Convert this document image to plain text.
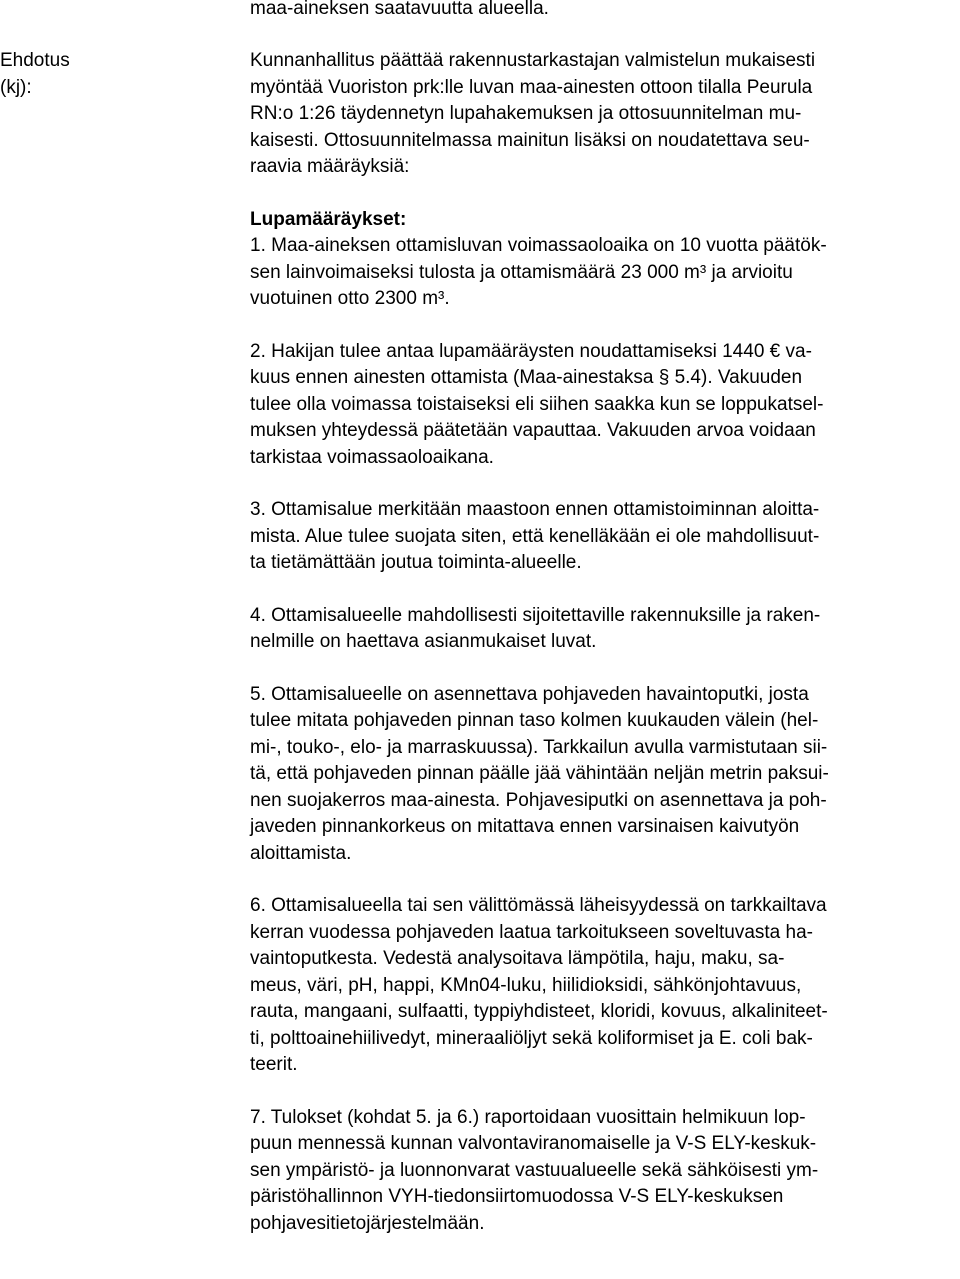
maa-aineksen saatavuutta alueella.

Ehdotus
(kj):

Kunnanhallitus päättää rakennustarkastajan valmistelun mukaisesti
myöntää Vuoriston prk:lle luvan maa-ainesten ottoon tilalla Peurula
RN:o 1:26 täydennetyn lupahakemuksen ja ottosuunnitelman mu-
kaisesti. Ottosuunnitelmassa mainitun lisäksi on noudatettava seu-
raavia määräyksiä:

Lupamääräykset:

1. Maa-aineksen ottamisluvan voimassaoloaika on 10 vuotta päätök-
sen lainvoimaiseksi tulosta ja ottamismäärä 23 000 m³ ja arvioitu
vuotuinen otto 2300 m³.

2. Hakijan tulee antaa lupamääräysten noudattamiseksi 1440 € va-
kuus ennen ainesten ottamista (Maa-ainestaksa § 5.4). Vakuuden
tulee olla voimassa toistaiseksi eli siihen saakka kun se loppukatsel-
muksen yhteydessä päätetään vapauttaa. Vakuuden arvoa voidaan
tarkistaa voimassaoloaikana.

3. Ottamisalue merkitään maastoon ennen ottamistoiminnan aloitta-
mista. Alue tulee suojata siten, että kenelläkään ei ole mahdollisuut-
ta tietämättään joutua toiminta-alueelle.

4. Ottamisalueelle mahdollisesti sijoitettaville rakennuksille ja raken-
nelmille on haettava asianmukaiset luvat.

5. Ottamisalueelle on asennettava pohjaveden havaintoputki, josta
tulee mitata pohjaveden pinnan taso kolmen kuukauden välein (hel-
mi-, touko-, elo- ja marraskuussa). Tarkkailun avulla varmistutaan sii-
tä, että pohjaveden pinnan päälle jää vähintään neljän metrin paksui-
nen suojakerros maa-ainesta. Pohjavesiputki on asennettava ja poh-
javeden pinnankorkeus on mitattava ennen varsinaisen kaivutyön
aloittamista.

6. Ottamisalueella tai sen välittömässä läheisyydessä on tarkkailtava
kerran vuodessa pohjaveden laatua tarkoitukseen soveltuvasta ha-
vaintoputkesta. Vedestä analysoitava lämpötila, haju, maku, sa-
meus, väri, pH, happi, KMn04-luku, hiilidioksidi, sähkönjohtavuus,
rauta, mangaani, sulfaatti, typpiyhdisteet, kloridi, kovuus, alkaliniteet-
ti, polttoainehiilivedyt, mineraaliöljyt sekä koliformiset ja E. coli bak-
teerit.

7. Tulokset (kohdat 5. ja 6.) raportoidaan vuosittain helmikuun lop-
puun mennessä kunnan valvontaviranomaiselle ja V-S ELY-keskuk-
sen ympäristö- ja luonnonvarat vastuualueelle sekä sähköisesti ym-
päristöhallinnon VYH-tiedonsiirtomuodossa V-S ELY-keskuksen
pohjavesitietojärjestelmään.
